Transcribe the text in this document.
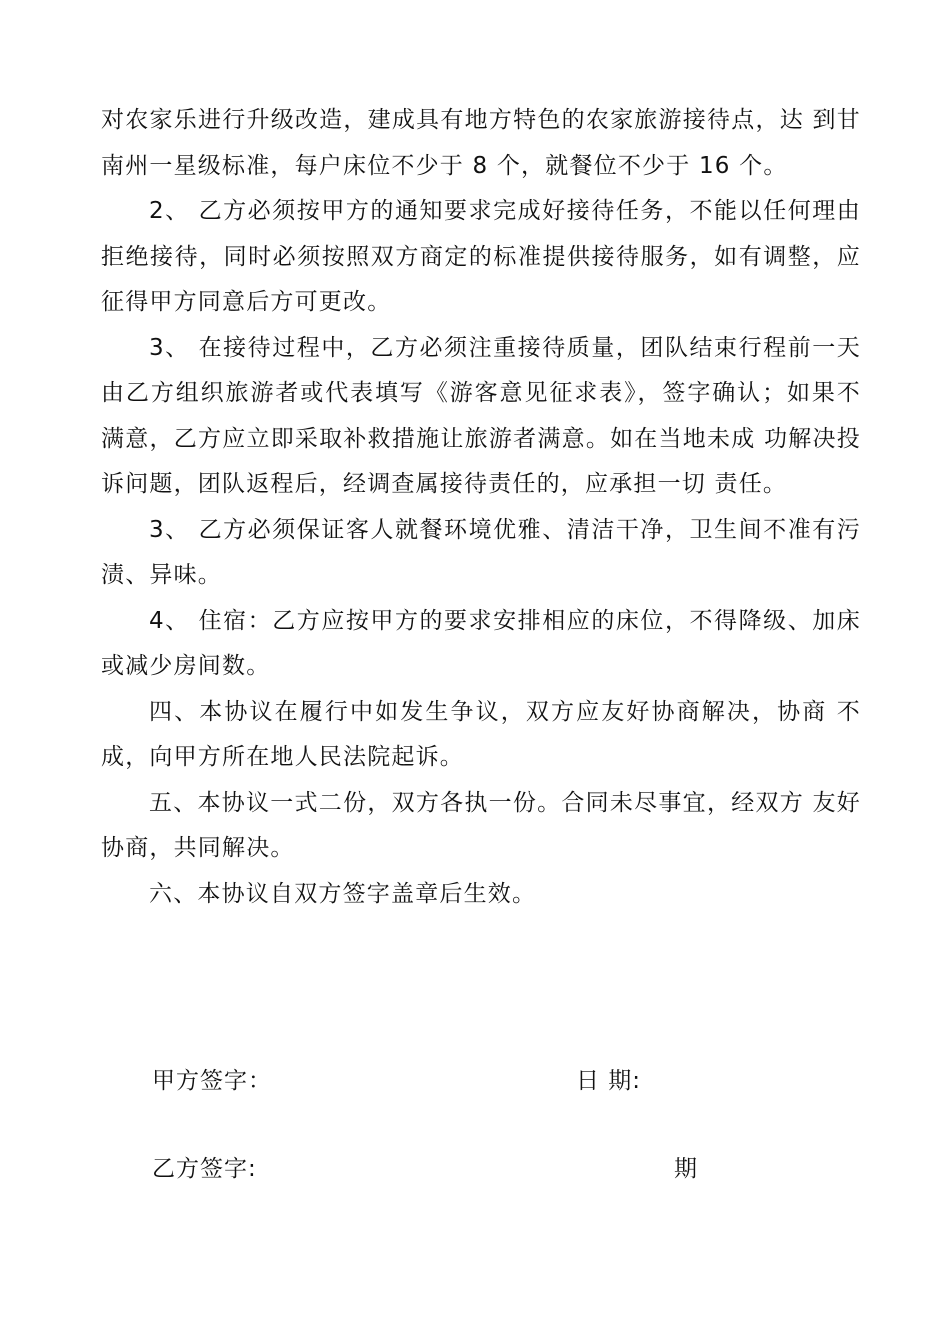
对农家乐进行升级改造，建成具有地方特色的农家旅游接待点，达 到甘南州一星级标准，每户床位不少于 8 个，就餐位不少于 16 个。

2、 乙方必须按甲方的通知要求完成好接待任务，不能以任何理由拒绝接待，同时必须按照双方商定的标准提供接待服务，如有调整，应征得甲方同意后方可更改。

3、 在接待过程中，乙方必须注重接待质量，团队结束行程前一天由乙方组织旅游者或代表填写《游客意见征求表》，签字确认；如果不满意，乙方应立即采取补救措施让旅游者满意。如在当地未成 功解决投诉问题，团队返程后，经调查属接待责任的，应承担一切 责任。

3、 乙方必须保证客人就餐环境优雅、清洁干净，卫生间不准有污渍、异味。

4、 住宿：乙方应按甲方的要求安排相应的床位，不得降级、加床或减少房间数。

四、本协议在履行中如发生争议，双方应友好协商解决，协商 不成，向甲方所在地人民法院起诉。

五、本协议一式二份，双方各执一份。合同未尽事宜，经双方 友好协商，共同解决。

六、本协议自双方签字盖章后生效。

甲方签字：	日 期:
乙方签字:	期
